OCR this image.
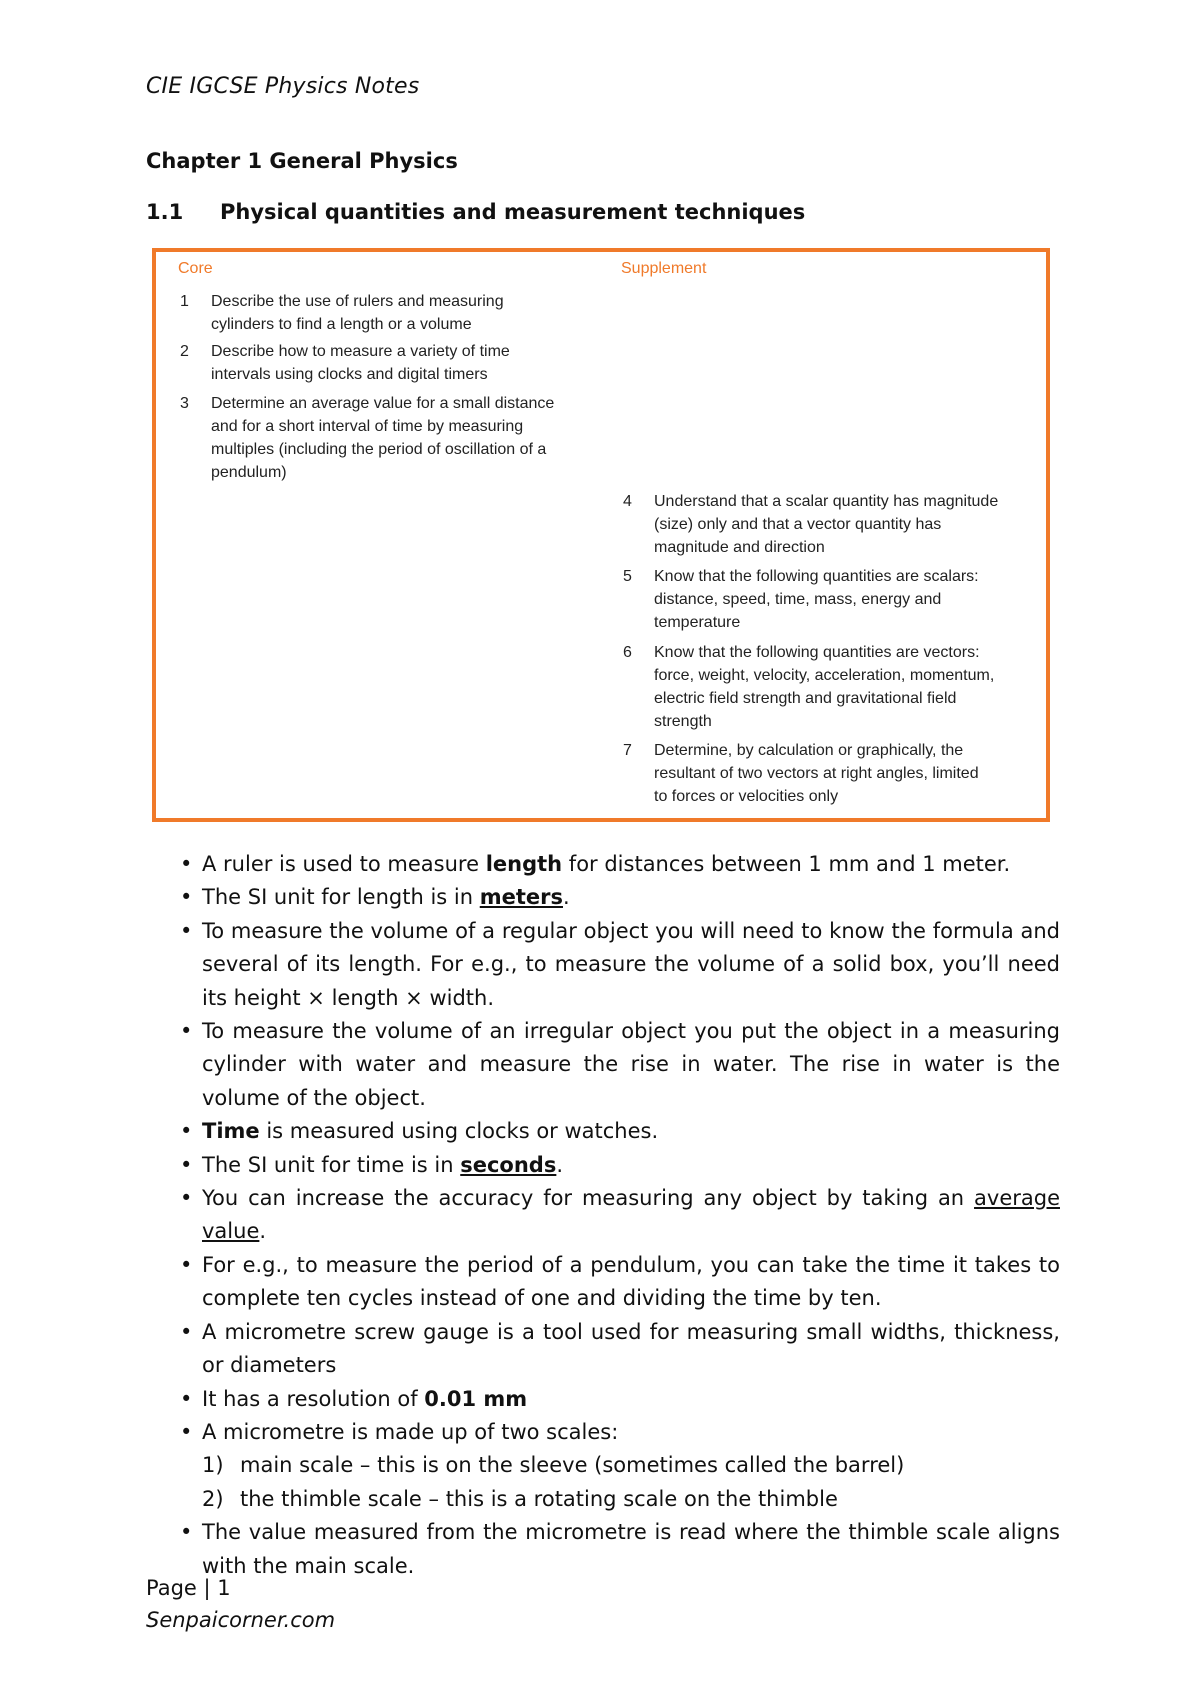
CIE IGCSE Physics Notes
Chapter 1 General Physics
1.1 Physical quantities and measurement techniques
Core	Supplement
1	Describe the use of rulers and measuring
cylinders to find a length or a volume
2	Describe how to measure a variety of time
intervals using clocks and digital timers
3	Determine an average value for a small distance
and for a short interval of time by measuring
multiples (including the period of oscillation of a
pendulum)
4	Understand that a scalar quantity has magnitude
(size) only and that a vector quantity has
magnitude and direction
5	Know that the following quantities are scalars:
distance, speed, time, mass, energy and
temperature
6	Know that the following quantities are vectors:
force, weight, velocity, acceleration, momentum,
electric field strength and gravitational field
strength
7	Determine, by calculation or graphically, the
resultant of two vectors at right angles, limited
to forces or velocities only
• A ruler is used to measure length for distances between 1 mm and 1 meter.
• The SI unit for length is in meters.
• To measure the volume of a regular object you will need to know the formula and several of its length. For e.g., to measure the volume of a solid box, you’ll need its height × length × width.
• To measure the volume of an irregular object you put the object in a measuring cylinder with water and measure the rise in water. The rise in water is the volume of the object.
• Time is measured using clocks or watches.
• The SI unit for time is in seconds.
• You can increase the accuracy for measuring any object by taking an average value.
• For e.g., to measure the period of a pendulum, you can take the time it takes to complete ten cycles instead of one and dividing the time by ten.
• A micrometre screw gauge is a tool used for measuring small widths, thickness, or diameters
• It has a resolution of 0.01 mm
• A micrometre is made up of two scales:
1) main scale – this is on the sleeve (sometimes called the barrel)
2) the thimble scale – this is a rotating scale on the thimble
• The value measured from the micrometre is read where the thimble scale aligns with the main scale.
Page | 1
Senpaicorner.com
